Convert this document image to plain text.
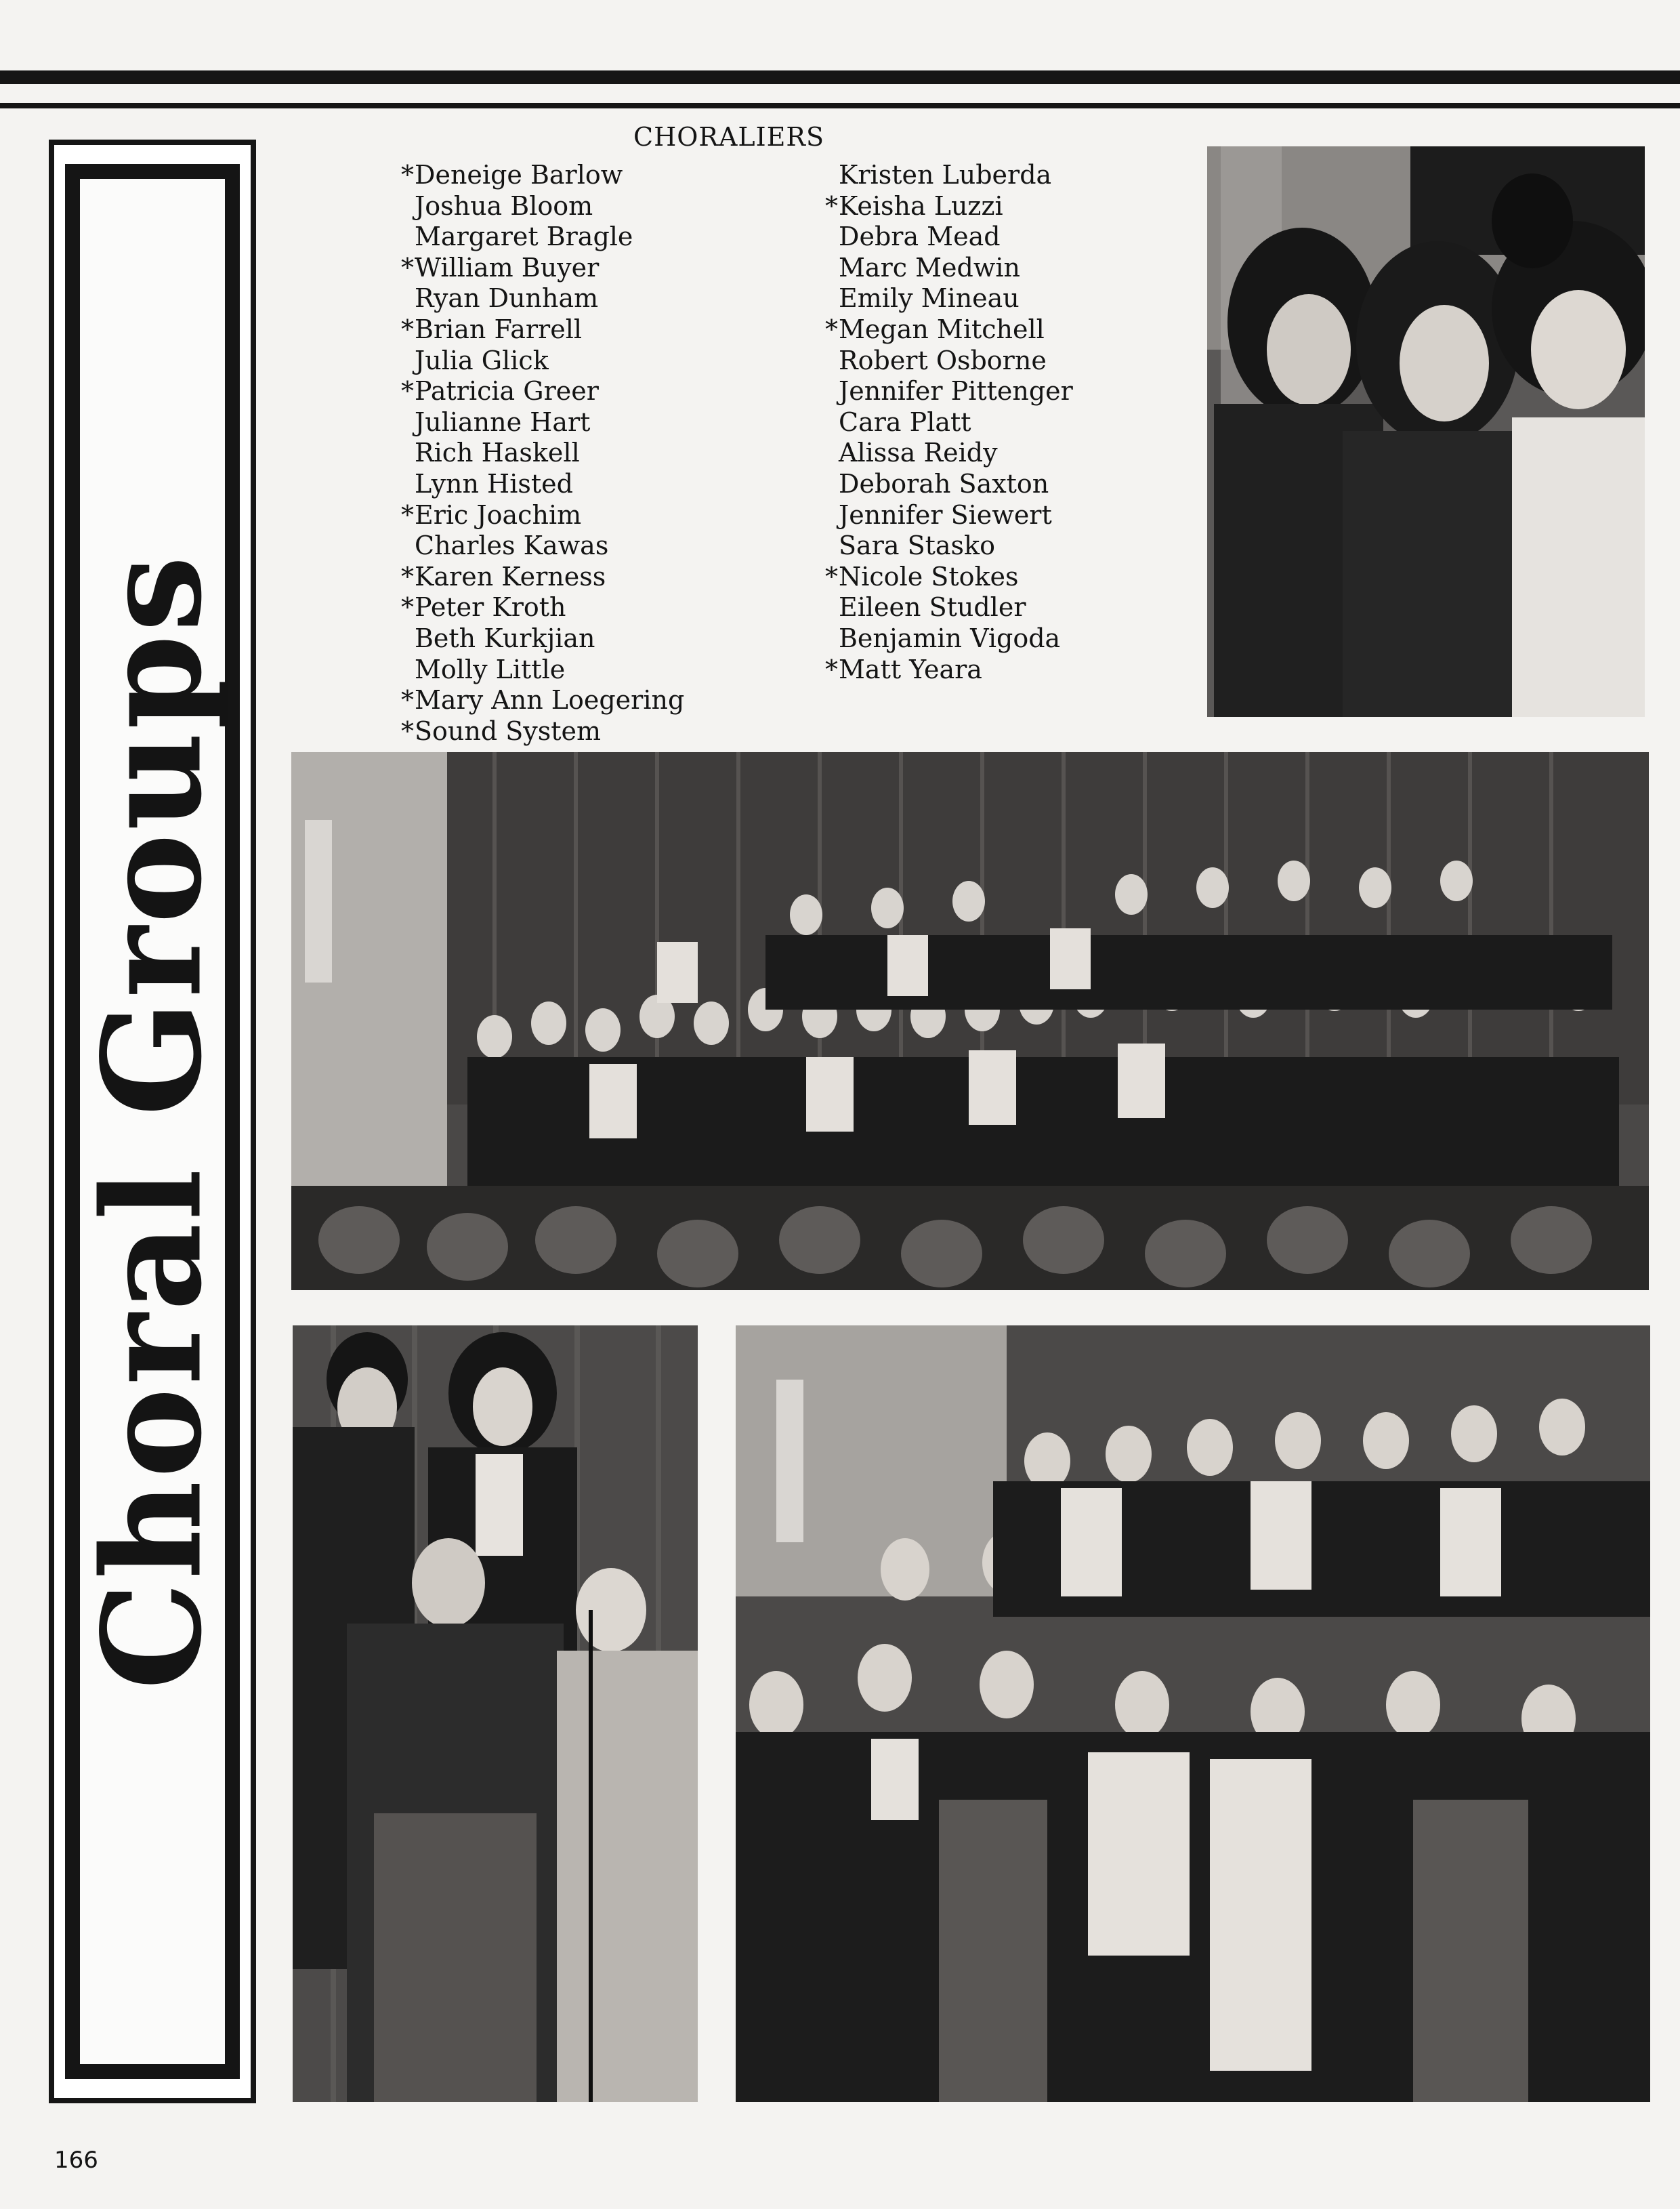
Choral Groups
CHORALIERS
*Deneige Barlow
Joshua Bloom
Margaret Bragle
*William Buyer
Ryan Dunham
*Brian Farrell
Julia Glick
*Patricia Greer
Julianne Hart
Rich Haskell
Lynn Histed
*Eric Joachim
Charles Kawas
*Karen Kerness
*Peter Kroth
Beth Kurkjian
Molly Little
*Mary Ann Loegering
*Sound System
Kristen Luberda
*Keisha Luzzi
Debra Mead
Marc Medwin
Emily Mineau
*Megan Mitchell
Robert Osborne
Jennifer Pittenger
Cara Platt
Alissa Reidy
Deborah Saxton
Jennifer Siewert
Sara Stasko
*Nicole Stokes
Eileen Studler
Benjamin Vigoda
*Matt Yeara
166
